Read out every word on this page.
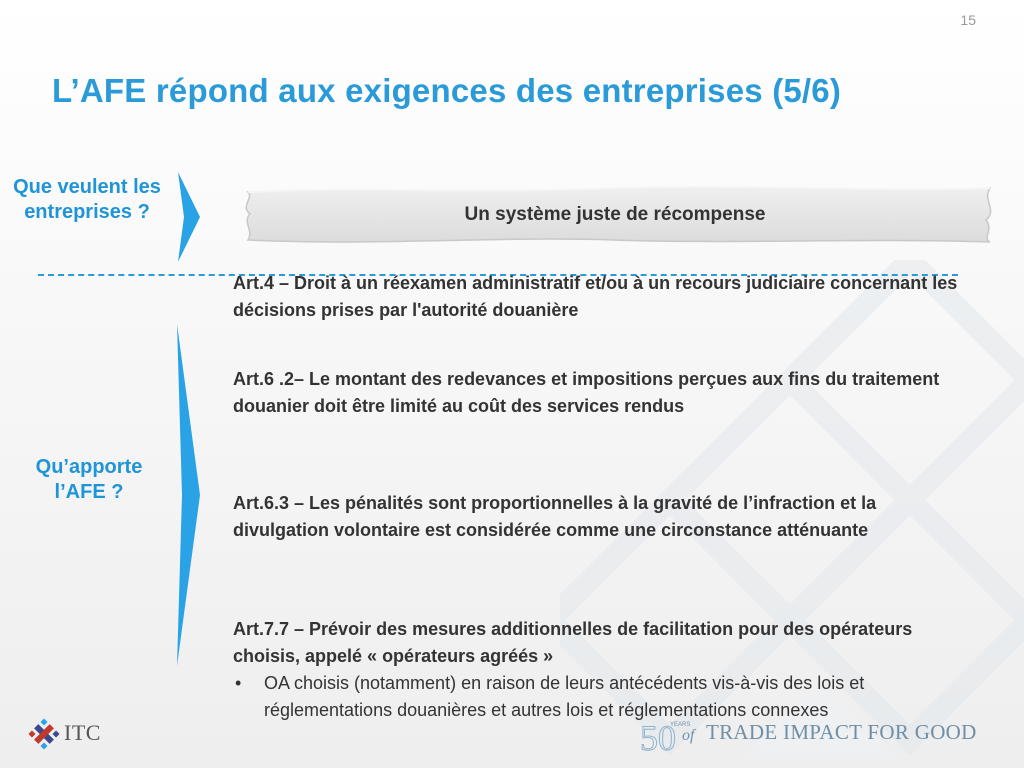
15
L’AFE répond aux exigences des entreprises (5/6)
Que veulent les entreprises ?
Qu’apporte l’AFE ?
Un système juste de récompense

Art.4 – Droit à un réexamen administratif et/ou à un recours judiciaire concernant les décisions prises par l'autorité douanière

Art.6 .2– Le montant des redevances et impositions perçues aux fins du traitement douanier doit être limité au coût des services rendus

Art.6.3 – Les pénalités sont proportionnelles à la gravité de l’infraction et la divulgation volontaire est considérée comme une circonstance atténuante

Art.7.7 – Prévoir des mesures additionnelles de facilitation pour des opérateurs choisis, appelé « opérateurs agréés »

• OA choisis (notamment) en raison de leurs antécédents vis-à-vis des lois et réglementations douanières et autres lois et réglementations connexes
ITC	50
YEARS
of TRADE IMPACT FOR GOOD
